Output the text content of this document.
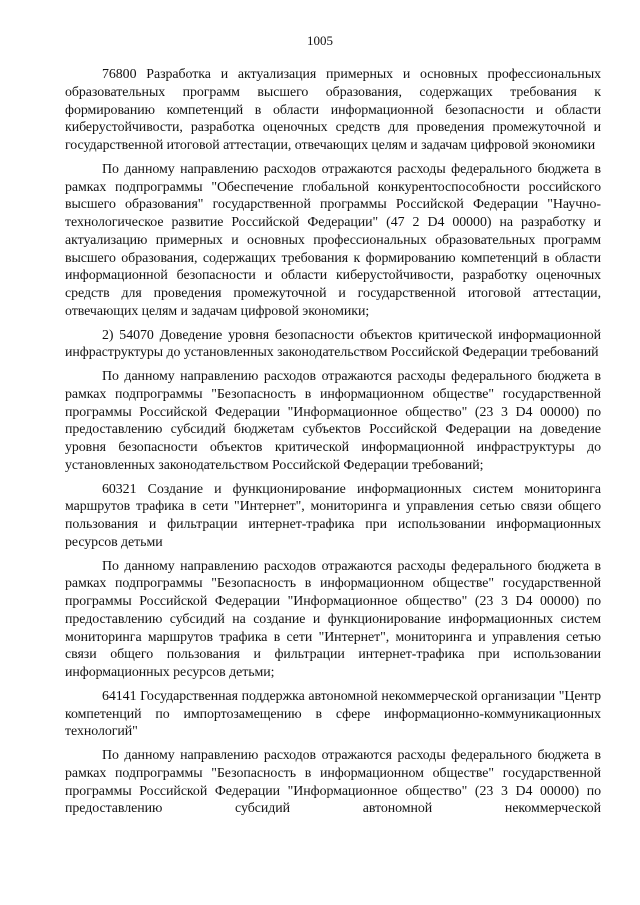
1005

76800 Разработка и актуализация примерных и основных профессиональных образовательных программ высшего образования, содержащих требования к формированию компетенций в области информационной безопасности и области киберустойчивости, разработка оценочных средств для проведения промежуточной и государственной итоговой аттестации, отвечающих целям и задачам цифровой экономики

По данному направлению расходов отражаются расходы федерального бюджета в рамках подпрограммы "Обеспечение глобальной конкурентоспособности российского высшего образования" государственной программы Российской Федерации "Научно-технологическое развитие Российской Федерации" (47 2 D4 00000) на разработку и актуализацию примерных и основных профессиональных образовательных программ высшего образования, содержащих требования к формированию компетенций в области информационной безопасности и области киберустойчивости, разработку оценочных средств для проведения промежуточной и государственной итоговой аттестации, отвечающих целям и задачам цифровой экономики;

2) 54070 Доведение уровня безопасности объектов критической информационной инфраструктуры до установленных законодательством Российской Федерации требований

По данному направлению расходов отражаются расходы федерального бюджета в рамках подпрограммы "Безопасность в информационном обществе" государственной программы Российской Федерации "Информационное общество" (23 3 D4 00000) по предоставлению субсидий бюджетам субъектов Российской Федерации на доведение уровня безопасности объектов критической информационной инфраструктуры до установленных законодательством Российской Федерации требований;

60321 Создание и функционирование информационных систем мониторинга маршрутов трафика в сети "Интернет", мониторинга и управления сетью связи общего пользования и фильтрации интернет-трафика при использовании информационных ресурсов детьми

По данному направлению расходов отражаются расходы федерального бюджета в рамках подпрограммы "Безопасность в информационном обществе" государственной программы Российской Федерации "Информационное общество" (23 3 D4 00000) по предоставлению субсидий на создание и функционирование информационных систем мониторинга маршрутов трафика в сети "Интернет", мониторинга и управления сетью связи общего пользования и фильтрации интернет-трафика при использовании информационных ресурсов детьми;

64141 Государственная поддержка автономной некоммерческой организации "Центр компетенций по импортозамещению в сфере информационно-коммуникационных технологий"

По данному направлению расходов отражаются расходы федерального бюджета в рамках подпрограммы "Безопасность в информационном обществе" государственной программы Российской Федерации "Информационное общество" (23 3 D4 00000) по предоставлению субсидий автономной некоммерческой
